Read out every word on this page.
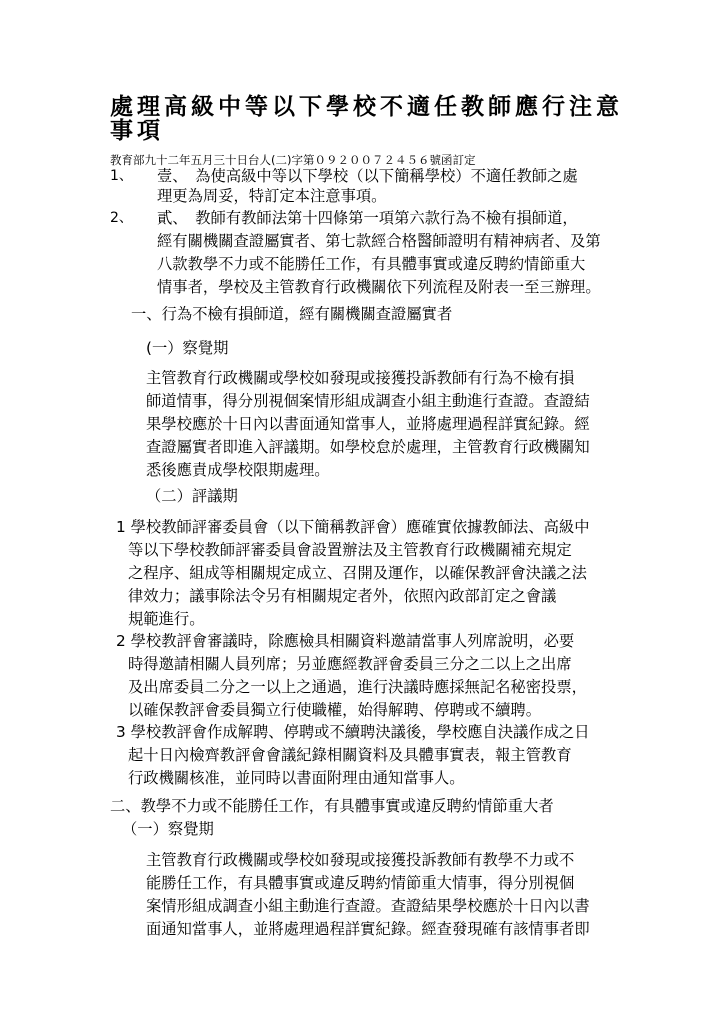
處理高級中等以下學校不適任教師應行注意事項
教育部九十二年五月三十日台人(二)字第０９２００７２４５６號函訂定
1、 壹、　為使高級中等以下學校（以下簡稱學校）不適任教師之處
理更為周妥，特訂定本注意事項。
2、 貳、　教師有教師法第十四條第一項第六款行為不檢有損師道，
經有關機關查證屬實者、第七款經合格醫師證明有精神病者、及第
八款教學不力或不能勝任工作，有具體事實或違反聘約情節重大
情事者，學校及主管教育行政機關依下列流程及附表一至三辦理。
一、行為不檢有損師道，經有關機關查證屬實者
(一）察覺期
主管教育行政機關或學校如發現或接獲投訴教師有行為不檢有損
師道情事，得分別視個案情形組成調查小組主動進行查證。查證結
果學校應於十日內以書面通知當事人，並將處理過程詳實紀錄。經
查證屬實者即進入評議期。如學校怠於處理，主管教育行政機關知
悉後應責成學校限期處理。
（二）評議期
1 學校教師評審委員會（以下簡稱教評會）應確實依據教師法、高級中
等以下學校教師評審委員會設置辦法及主管教育行政機關補充規定
之程序、組成等相關規定成立、召開及運作，以確保教評會決議之法
律效力；議事除法令另有相關規定者外，依照內政部訂定之會議
規範進行。
2 學校教評會審議時，除應檢具相關資料邀請當事人列席說明，必要
時得邀請相關人員列席；另並應經教評會委員三分之二以上之出席
及出席委員二分之一以上之通過，進行決議時應採無記名秘密投票，
以確保教評會委員獨立行使職權，始得解聘、停聘或不續聘。
3 學校教評會作成解聘、停聘或不續聘決議後，學校應自決議作成之日
起十日內檢齊教評會會議紀錄相關資料及具體事實表，報主管教育
行政機關核准，並同時以書面附理由通知當事人。
二、教學不力或不能勝任工作，有具體事實或違反聘約情節重大者
（一）察覺期
主管教育行政機關或學校如發現或接獲投訴教師有教學不力或不
能勝任工作，有具體事實或違反聘約情節重大情事，得分別視個
案情形組成調查小組主動進行查證。查證結果學校應於十日內以書
面通知當事人，並將處理過程詳實紀錄。經查發現確有該情事者即
